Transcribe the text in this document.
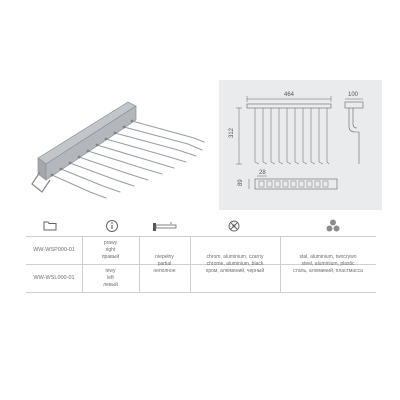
464
312
100
28
89
WW-WSP000-01
prawy
right
правый
WW-WSL000-01
lewy
left
левый
niepełny
partial
неполное
chrom, aluminium, czarny
chrome, aluminium, black
хром, алюминий, черный
stal, aluminium, tworzywo
steel, aluminium, plastic
сталь, алюминий, пластмасса
